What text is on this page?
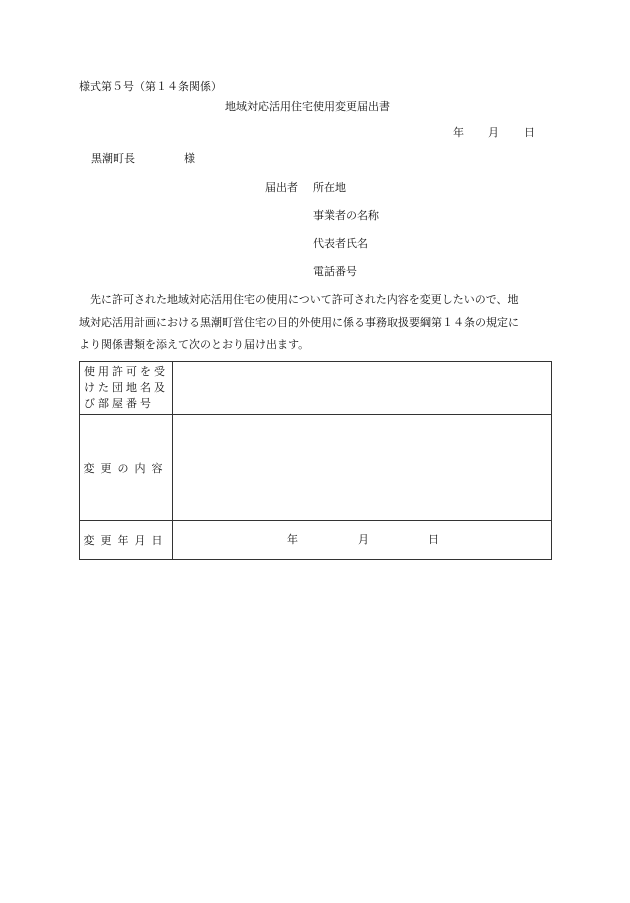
様式第５号（第１４条関係）
地域対応活用住宅使用変更届出書
年 月 日
黒潮町長	様
届出者 所在地
事業者の名称
代表者氏名
電話番号

先に許可された地域対応活用住宅の使用について許可された内容を変更したいので、地
域対応活用計画における黒潮町営住宅の目的外使用に係る事務取扱要綱第１４条の規定に
より関係書類を添えて次のとおり届け出ます。

使用許可を受
けた団地名及
び部屋番号	

変更の内容	
変更年月日	年 月 日
